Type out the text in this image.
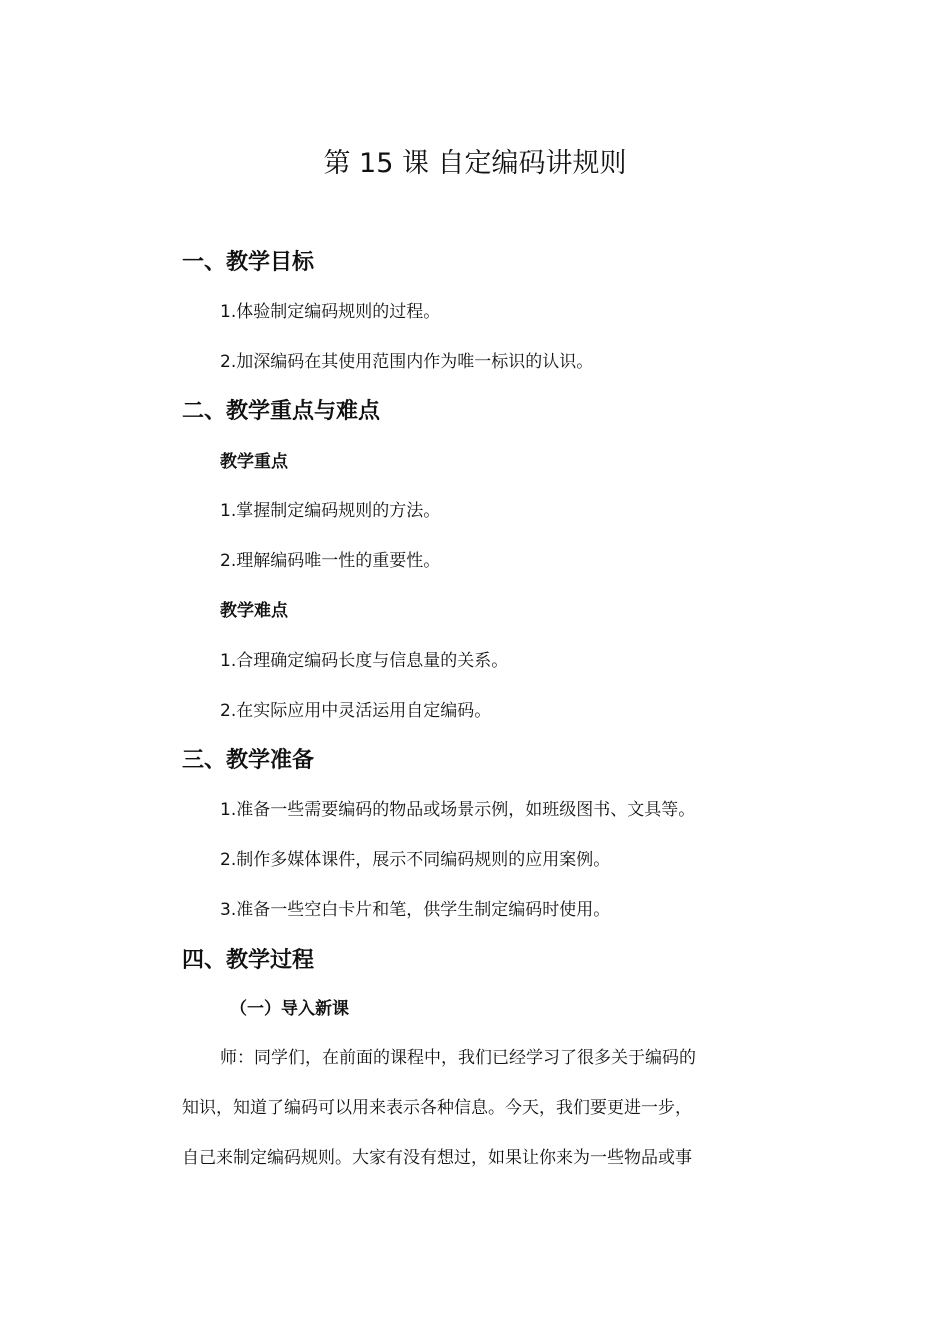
第 15 课 自定编码讲规则
一、教学目标
1.体验制定编码规则的过程。
2.加深编码在其使用范围内作为唯一标识的认识。
二、教学重点与难点
教学重点
1.掌握制定编码规则的方法。
2.理解编码唯一性的重要性。
教学难点
1.合理确定编码长度与信息量的关系。
2.在实际应用中灵活运用自定编码。
三、教学准备
1.准备一些需要编码的物品或场景示例，如班级图书、文具等。
2.制作多媒体课件，展示不同编码规则的应用案例。
3.准备一些空白卡片和笔，供学生制定编码时使用。
四、教学过程
（一）导入新课

师：同学们，在前面的课程中，我们已经学习了很多关于编码的

知识，知道了编码可以用来表示各种信息。今天，我们要更进一步，

自己来制定编码规则。大家有没有想过，如果让你来为一些物品或事
